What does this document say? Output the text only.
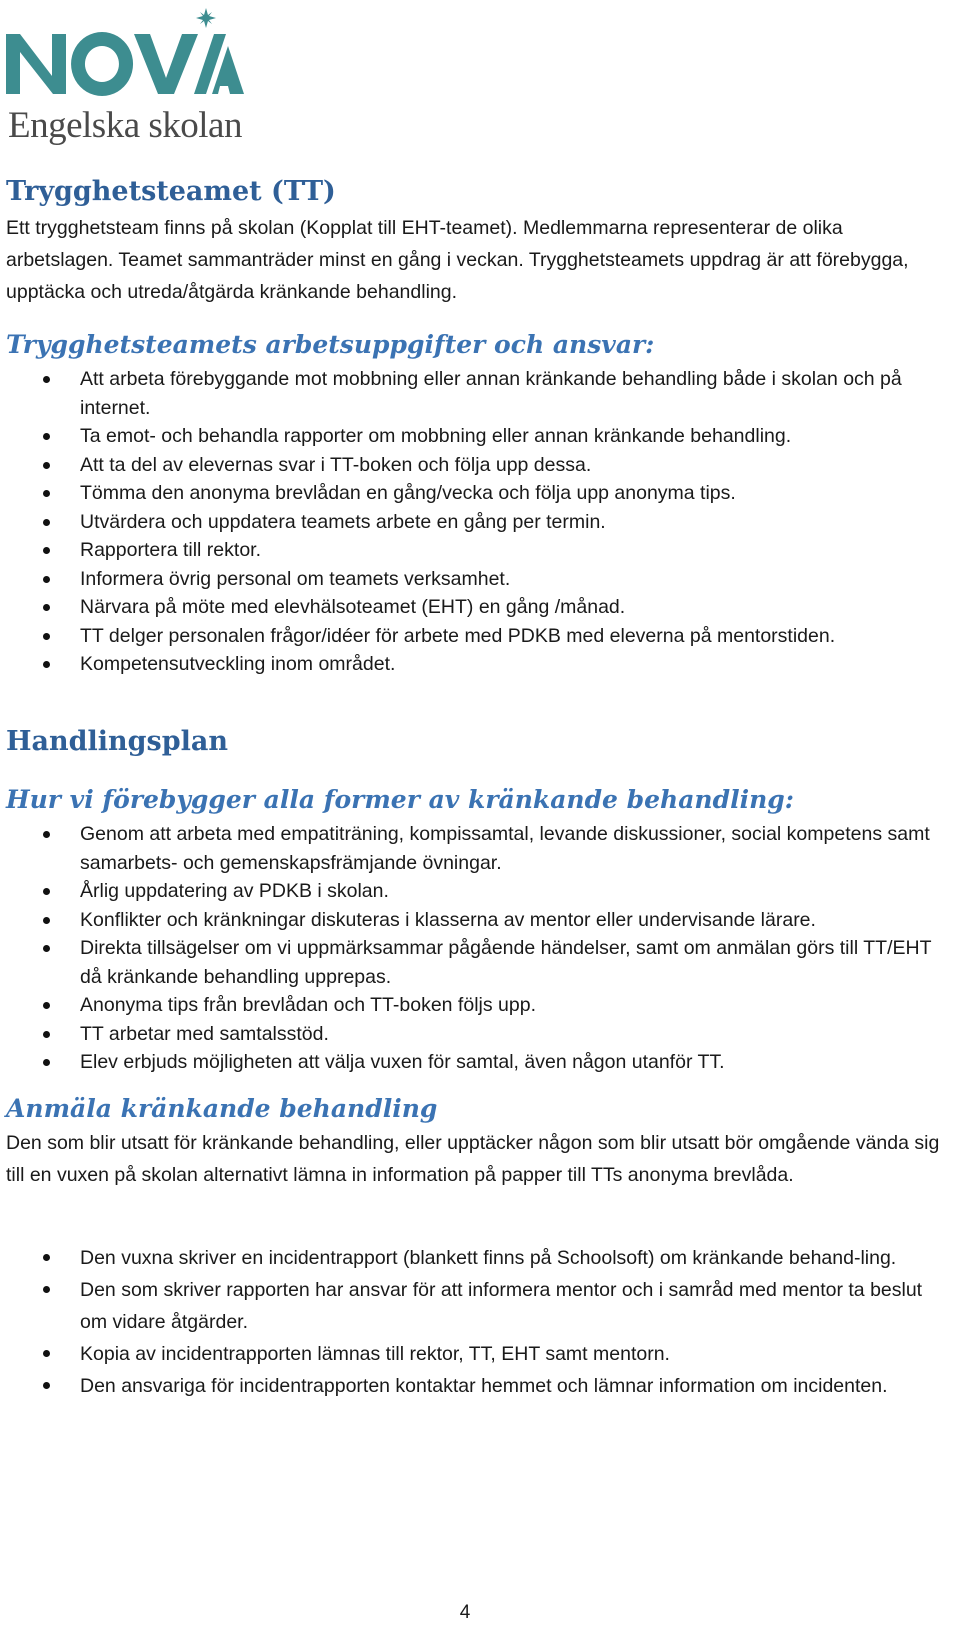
Engelska skolan
Trygghetsteamet (TT)

Ett trygghetsteam finns på skolan (Kopplat till EHT-teamet). Medlemmarna representerar de olika arbetslagen. Teamet sammanträder minst en gång i veckan. Trygghetsteamets uppdrag är att förebygga, upptäcka och utreda/åtgärda kränkande behandling.

Trygghetsteamets arbetsuppgifter och ansvar:
Att arbeta förebyggande mot mobbning eller annan kränkande behandling både i skolan och på internet.
Ta emot- och behandla rapporter om mobbning eller annan kränkande behandling.
Att ta del av elevernas svar i TT-boken och följa upp dessa.
Tömma den anonyma brevlådan en gång/vecka och följa upp anonyma tips.
Utvärdera och uppdatera teamets arbete en gång per termin.
Rapportera till rektor.
Informera övrig personal om teamets verksamhet.
Närvara på möte med elevhälsoteamet (EHT) en gång /månad.
TT delger personalen frågor/idéer för arbete med PDKB med eleverna på mentorstiden.
Kompetensutveckling inom området.
Handlingsplan
Hur vi förebygger alla former av kränkande behandling:
Genom att arbeta med empatiträning, kompissamtal, levande diskussioner, social kompetens samt samarbets- och gemenskapsfrämjande övningar.
Årlig uppdatering av PDKB i skolan.
Konflikter och kränkningar diskuteras i klasserna av mentor eller undervisande lärare.
Direkta tillsägelser om vi uppmärksammar pågående händelser, samt om anmälan görs till TT/EHT då kränkande behandling upprepas.
Anonyma tips från brevlådan och TT-boken följs upp.
TT arbetar med samtalsstöd.
Elev erbjuds möjligheten att välja vuxen för samtal, även någon utanför TT.
Anmäla kränkande behandling

Den som blir utsatt för kränkande behandling, eller upptäcker någon som blir utsatt bör omgående vända sig till en vuxen på skolan alternativt lämna in information på papper till TTs anonyma brevlåda.

Den vuxna skriver en incidentrapport (blankett finns på Schoolsoft) om kränkande behand-ling.
Den som skriver rapporten har ansvar för att informera mentor och i samråd med mentor ta beslut om vidare åtgärder.
Kopia av incidentrapporten lämnas till rektor, TT, EHT samt mentorn.
Den ansvariga för incidentrapporten kontaktar hemmet och lämnar information om incidenten.
4
